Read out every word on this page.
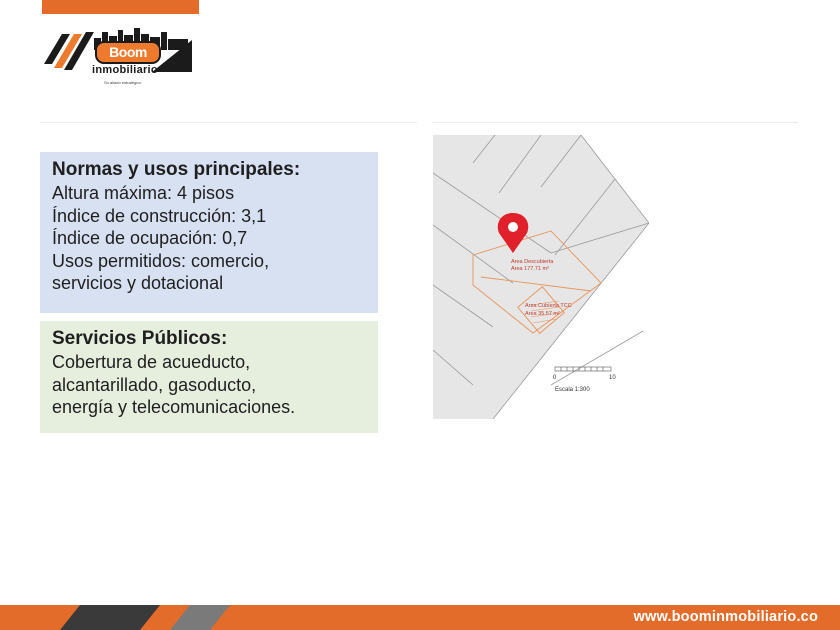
Boom
inmobiliario
Su aliado estratégico
Normas y usos principales:
Altura máxima: 4 pisos
Índice de construcción: 3,1
Índice de ocupación: 0,7
Usos permitidos: comercio,
servicios y dotacional
Servicios Públicos:
Cobertura de acueducto,
alcantarillado, gasoducto,
energía y telecomunicaciones.
Area Descubierta
Area 177.71 m²
Area Cubierta TCC
Area 35.57 m²
0	10
Escala 1:300
www.boominmobiliario.co
